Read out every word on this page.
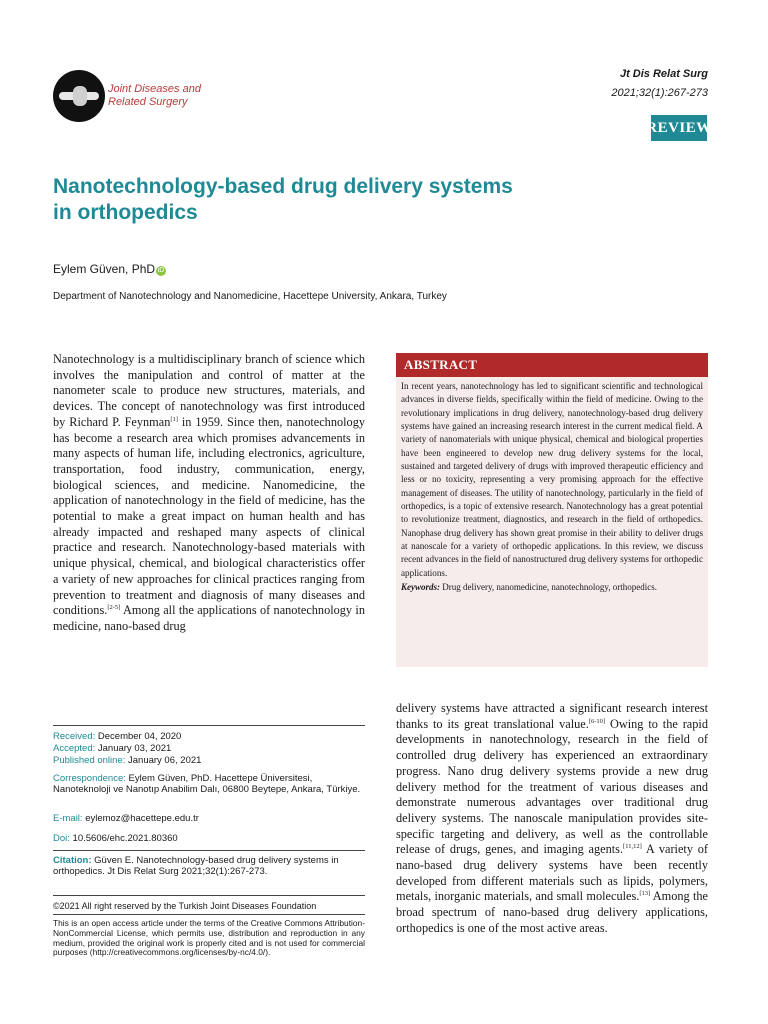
Joint Diseases and
Related Surgery
Jt Dis Relat Surg
2021;32(1):267-273
REVIEW
Nanotechnology-based drug delivery systems
in orthopedics
Eylem Güven, PhD iD
Department of Nanotechnology and Nanomedicine, Hacettepe University, Ankara, Turkey
Nanotechnology is a multidisciplinary branch of science which involves the manipulation and control of matter at the nanometer scale to produce new structures, materials, and devices. The concept of nanotechnology was first introduced by Richard P. Feynman[1] in 1959. Since then, nanotechnology has become a research area which promises advancements in many aspects of human life, including electronics, agriculture, transportation, food industry, communication, energy, biological sciences, and medicine. Nanomedicine, the application of nanotechnology in the field of medicine, has the potential to make a great impact on human health and has already impacted and reshaped many aspects of clinical practice and research. Nanotechnology-based materials with unique physical, chemical, and biological characteristics offer a variety of new approaches for clinical practices ranging from prevention to treatment and diagnosis of many diseases and conditions.[2-5] Among all the applications of nanotechnology in medicine, nano-based drug
ABSTRACT
In recent years, nanotechnology has led to significant scientific and technological advances in diverse fields, specifically within the field of medicine. Owing to the revolutionary implications in drug delivery, nanotechnology-based drug delivery systems have gained an increasing research interest in the current medical field. A variety of nanomaterials with unique physical, chemical and biological properties have been engineered to develop new drug delivery systems for the local, sustained and targeted delivery of drugs with improved therapeutic efficiency and less or no toxicity, representing a very promising approach for the effective management of diseases. The utility of nanotechnology, particularly in the field of orthopedics, is a topic of extensive research. Nanotechnology has a great potential to revolutionize treatment, diagnostics, and research in the field of orthopedics. Nanophase drug delivery has shown great promise in their ability to deliver drugs at nanoscale for a variety of orthopedic applications. In this review, we discuss recent advances in the field of nanostructured drug delivery systems for orthopedic applications.
Keywords: Drug delivery, nanomedicine, nanotechnology, orthopedics.
delivery systems have attracted a significant research interest thanks to its great translational value.[6-10] Owing to the rapid developments in nanotechnology, research in the field of controlled drug delivery has experienced an extraordinary progress. Nano drug delivery systems provide a new drug delivery method for the treatment of various diseases and demonstrate numerous advantages over traditional drug delivery systems. The nanoscale manipulation provides site-specific targeting and delivery, as well as the controllable release of drugs, genes, and imaging agents.[11,12] A variety of nano-based drug delivery systems have been recently developed from different materials such as lipids, polymers, metals, inorganic materials, and small molecules.[13] Among the broad spectrum of nano-based drug delivery applications, orthopedics is one of the most active areas.
Received: December 04, 2020
Accepted: January 03, 2021
Published online: January 06, 2021
Correspondence: Eylem Güven, PhD. Hacettepe Üniversitesi, Nanoteknoloji ve Nanotıp Anabilim Dalı, 06800 Beytepe, Ankara, Türkiye.
E-mail: eylemoz@hacettepe.edu.tr
Doi: 10.5606/ehc.2021.80360
Citation: Güven E. Nanotechnology-based drug delivery systems in orthopedics. Jt Dis Relat Surg 2021;32(1):267-273.
©2021 All right reserved by the Turkish Joint Diseases Foundation
This is an open access article under the terms of the Creative Commons Attribution-NonCommercial License, which permits use, distribution and reproduction in any medium, provided the original work is properly cited and is not used for commercial purposes (http://creativecommons.org/licenses/by-nc/4.0/).
